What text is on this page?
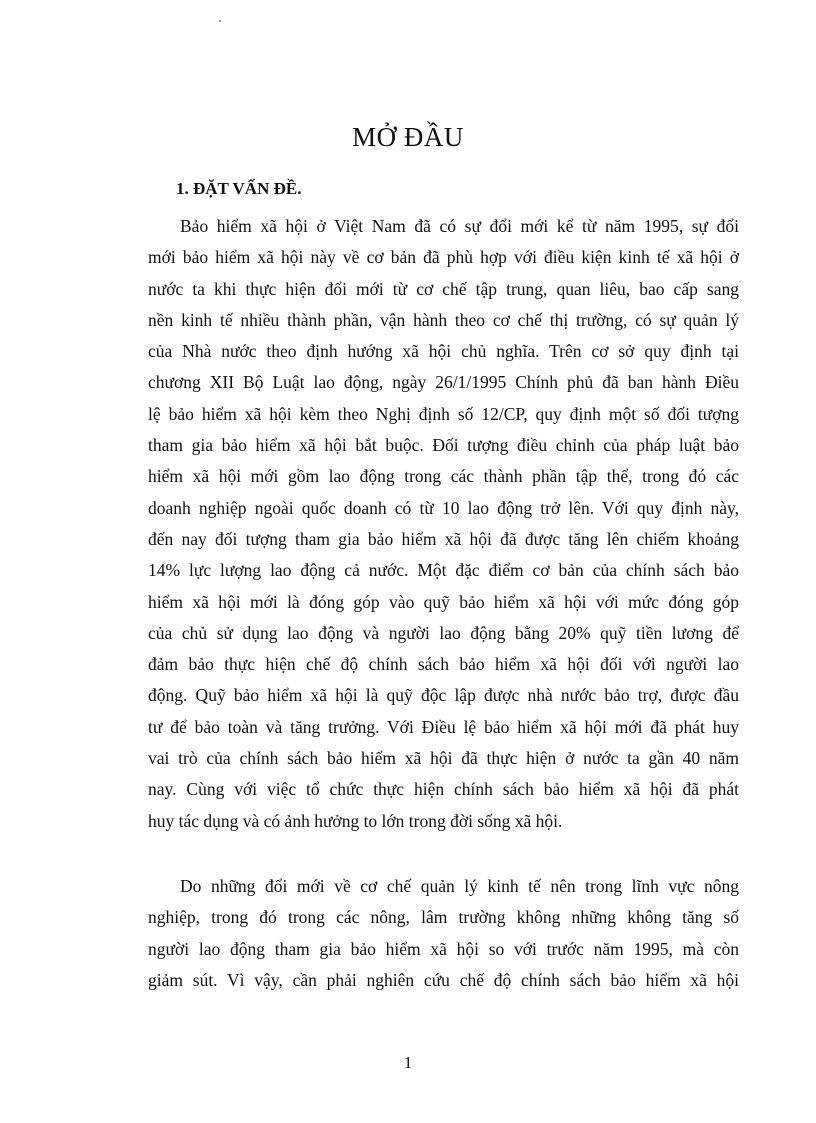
MỞ ĐẦU
1. ĐẶT VẤN ĐỀ.

Bảo hiểm xã hội ở Việt Nam đã có sự đổi mới kể từ năm 1995, sự đổi
mới bảo hiểm xã hội này về cơ bản đã phù hợp với điều kiện kinh tế xã hội ở
nước ta khi thực hiện đổi mới từ cơ chế tập trung, quan liêu, bao cấp sang
nền kinh tế nhiều thành phần, vận hành theo cơ chế thị trường, có sự quản lý
của Nhà nước theo định hướng xã hội chủ nghĩa. Trên cơ sở quy định tại
chương XII Bộ Luật lao động, ngày 26/1/1995 Chính phủ đã ban hành Điều
lệ bảo hiểm xã hội kèm theo Nghị định số 12/CP, quy định một số đối tượng
tham gia bảo hiểm xã hội bắt buộc. Đối tượng điều chỉnh của pháp luật bảo
hiểm xã hội mới gồm lao động trong các thành phần tập thể, trong đó các
doanh nghiệp ngoài quốc doanh có từ 10 lao động trở lên. Với quy định này,
đến nay đối tượng tham gia bảo hiểm xã hội đã được tăng lên chiếm khoảng
14% lực lượng lao động cả nước. Một đặc điểm cơ bản của chính sách bảo
hiểm xã hội mới là đóng góp vào quỹ bảo hiểm xã hội với mức đóng góp
của chủ sử dụng lao động và người lao động bằng 20% quỹ tiền lương để
đảm bảo thực hiện chế độ chính sách bảo hiểm xã hội đối với người lao
động. Quỹ bảo hiểm xã hội là quỹ độc lập được nhà nước bảo trợ, được đầu
tư để bảo toàn và tăng trưởng. Với Điều lệ bảo hiểm xã hội mới đã phát huy
vai trò của chính sách bảo hiểm xã hội đã thực hiện ở nước ta gần 40 năm
nay. Cùng với việc tổ chức thực hiện chính sách bảo hiểm xã hội đã phát
huy tác dụng và có ảnh hưởng to lớn trong đời sống xã hội.

Do những đổi mới về cơ chế quản lý kinh tế nên trong lĩnh vực nông
nghiệp, trong đó trong các nông, lâm trường không những không tăng số
người lao động tham gia bảo hiểm xã hội so với trước năm 1995, mà còn
giảm sút. Vì vậy, cần phải nghiên cứu chế độ chính sách bảo hiểm xã hội

1
